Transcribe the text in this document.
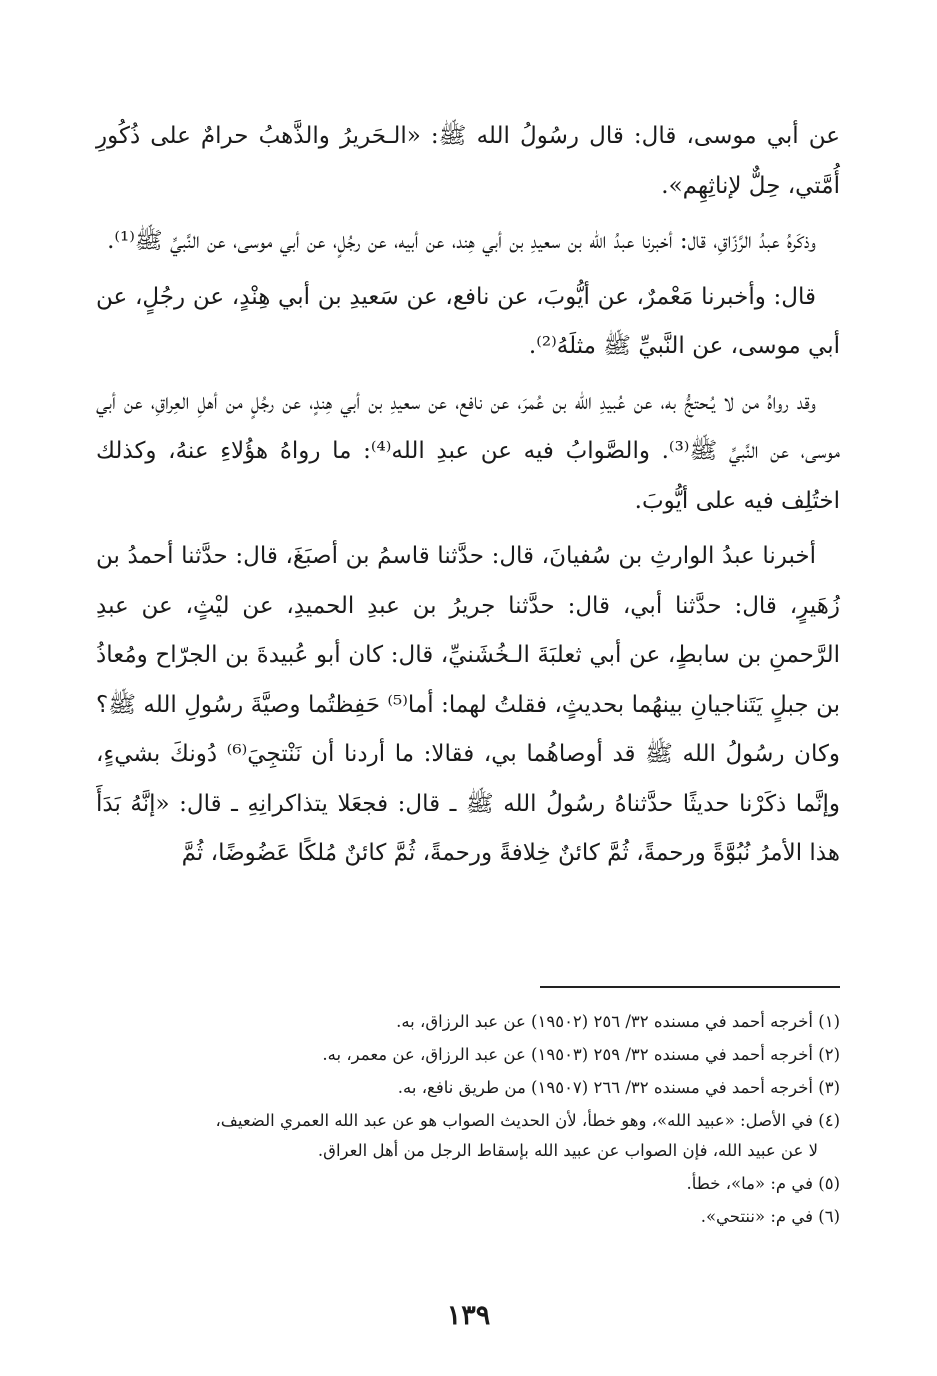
عن أبي موسى، قال: قال رسُولُ الله ﷺ: «الـحَريرُ والذَّهبُ حرامٌ على ذُكُورِ أُمَّتي، حِلٌّ لإناثِهِم».

وذكَرهُ عبدُ الرَّزّاقِ، قال: أخبرنا عبدُ الله بن سعيدِ بن أبي هِند، عن أبيه، عن رجُلٍ، عن أبي موسى، عن النَّبيِّ ﷺ⁽¹⁾.

قال: وأخبرنا مَعْمرٌ، عن أيُّوبَ، عن نافع، عن سَعيدِ بن أبي هِنْدٍ، عن رجُلٍ، عن أبي موسى، عن النَّبيِّ ﷺ مثلَهُ⁽²⁾.

وقد رواهُ من لا يُـحتجُّ به، عن عُبيدِ الله بن عُمرَ، عن نافع، عن سعيدِ بن أبي هِندٍ، عن رجُلٍ من أهلِ العِراقِ، عن أبي موسى، عن النَّبيِّ ﷺ⁽³⁾. والصَّوابُ فيه عن عبدِ الله⁽⁴⁾: ما رواهُ هؤُلاءِ عنهُ، وكذلك اختُلِف فيه على أيُّوبَ.

أخبرنا عبدُ الوارثِ بن سُفيانَ، قال: حدَّثنا قاسمُ بن أصبَغَ، قال: حدَّثنا أحمدُ بن زُهَيرٍ، قال: حدَّثنا أبي، قال: حدَّثنا جريرُ بن عبدِ الحميدِ، عن ليْثٍ، عن عبدِ الرَّحمنِ بن سابطٍ، عن أبي ثعلبَةَ الـخُشَنيِّ، قال: كان أبو عُبيدةَ بن الجرّاح ومُعاذُ بن جبلٍ يَتَناجيانِ بينهُما بحديثٍ، فقلتُ لهما: أما⁽⁵⁾ حَفِظتُما وصيَّةَ رسُولِ الله ﷺ؟ وكان رسُولُ الله ﷺ قد أوصاهُما بي، فقالا: ما أردنا أن نَنْتجِيَ⁽⁶⁾ دُونكَ بشيءٍ، وإنَّما ذكَرْنا حديثًا حدَّثناهُ رسُولُ الله ﷺ ـ قال: فجعَلا يتذاكرانِهِ ـ قال: «إنَّهُ بَدَأَ هذا الأمرُ نُبُوَّةً ورحمةً، ثُمَّ كائنٌ خِلافةً ورحمةً، ثُمَّ كائنٌ مُلكًا عَضُوضًا، ثُمَّ

(١) أخرجه أحمد في مسنده ٣٢/ ٢٥٦ (١٩٥٠٢) عن عبد الرزاق، به.
(٢) أخرجه أحمد في مسنده ٣٢/ ٢٥٩ (١٩٥٠٣) عن عبد الرزاق، عن معمر، به.
(٣) أخرجه أحمد في مسنده ٣٢/ ٢٦٦ (١٩٥٠٧) من طريق نافع، به.
(٤) في الأصل: «عبيد الله»، وهو خطأ، لأن الحديث الصواب هو عن عبد الله العمري الضعيف،
لا عن عبيد الله، فإن الصواب عن عبيد الله بإسقاط الرجل من أهل العراق.
(٥) في م: «ما»، خطأ.
(٦) في م: «ننتحي».
١٣٩
